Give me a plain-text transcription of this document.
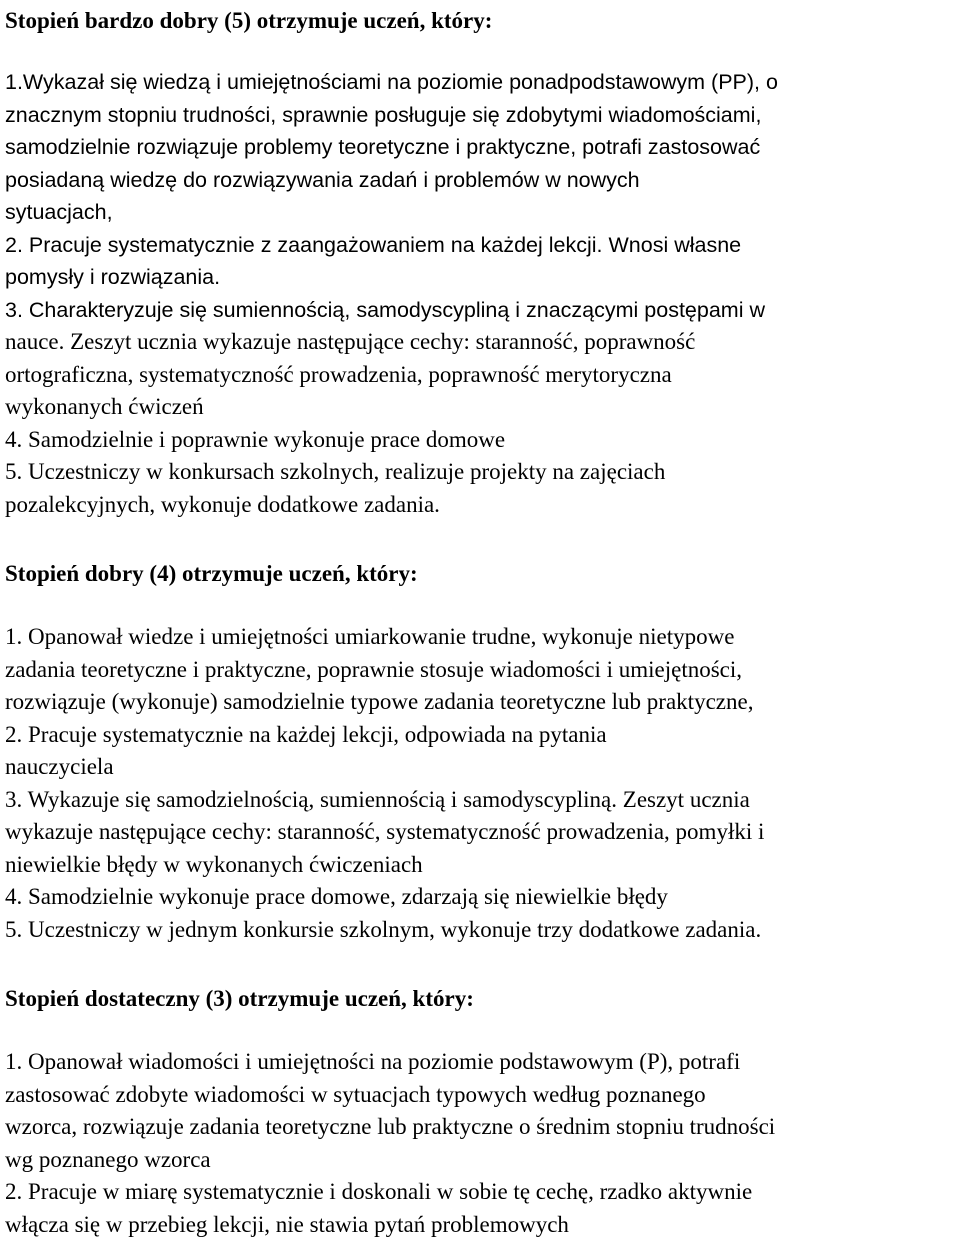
Stopień bardzo dobry (5) otrzymuje uczeń, który:

1.Wykazał się wiedzą i umiejętnościami na poziomie ponadpodstawowym (PP), o

znacznym stopniu trudności, sprawnie posługuje się zdobytymi wiadomościami,

samodzielnie rozwiązuje problemy teoretyczne i praktyczne, potrafi zastosować

posiadaną wiedzę do rozwiązywania zadań i problemów w nowych

sytuacjach,

2. Pracuje systematycznie z zaangażowaniem na każdej lekcji. Wnosi własne

pomysły i rozwiązania.

3. Charakteryzuje się sumiennością, samodyscypliną i znaczącymi postępami w

nauce. Zeszyt ucznia wykazuje następujące cechy: staranność, poprawność

ortograficzna, systematyczność prowadzenia, poprawność merytoryczna

wykonanych ćwiczeń

4. Samodzielnie i poprawnie wykonuje prace domowe

5. Uczestniczy w konkursach szkolnych, realizuje projekty na zajęciach

pozalekcyjnych, wykonuje dodatkowe zadania.

Stopień dobry (4) otrzymuje uczeń, który:

1. Opanował wiedze i umiejętności umiarkowanie trudne, wykonuje nietypowe

zadania teoretyczne i praktyczne, poprawnie stosuje wiadomości i umiejętności,

rozwiązuje (wykonuje) samodzielnie typowe zadania teoretyczne lub praktyczne,

2. Pracuje systematycznie na każdej lekcji, odpowiada na pytania

nauczyciela

3. Wykazuje się samodzielnością, sumiennością i samodyscypliną. Zeszyt ucznia

wykazuje następujące cechy: staranność, systematyczność prowadzenia, pomyłki i

niewielkie błędy w wykonanych ćwiczeniach

4. Samodzielnie wykonuje prace domowe, zdarzają się niewielkie błędy

5. Uczestniczy w jednym konkursie szkolnym, wykonuje trzy dodatkowe zadania.

Stopień dostateczny (3) otrzymuje uczeń, który:

1. Opanował wiadomości i umiejętności na poziomie podstawowym (P), potrafi

zastosować zdobyte wiadomości w sytuacjach typowych według poznanego

wzorca, rozwiązuje zadania teoretyczne lub praktyczne o średnim stopniu trudności

wg poznanego wzorca

2. Pracuje w miarę systematycznie i doskonali w sobie tę cechę, rzadko aktywnie

włącza się w przebieg lekcji, nie stawia pytań problemowych
